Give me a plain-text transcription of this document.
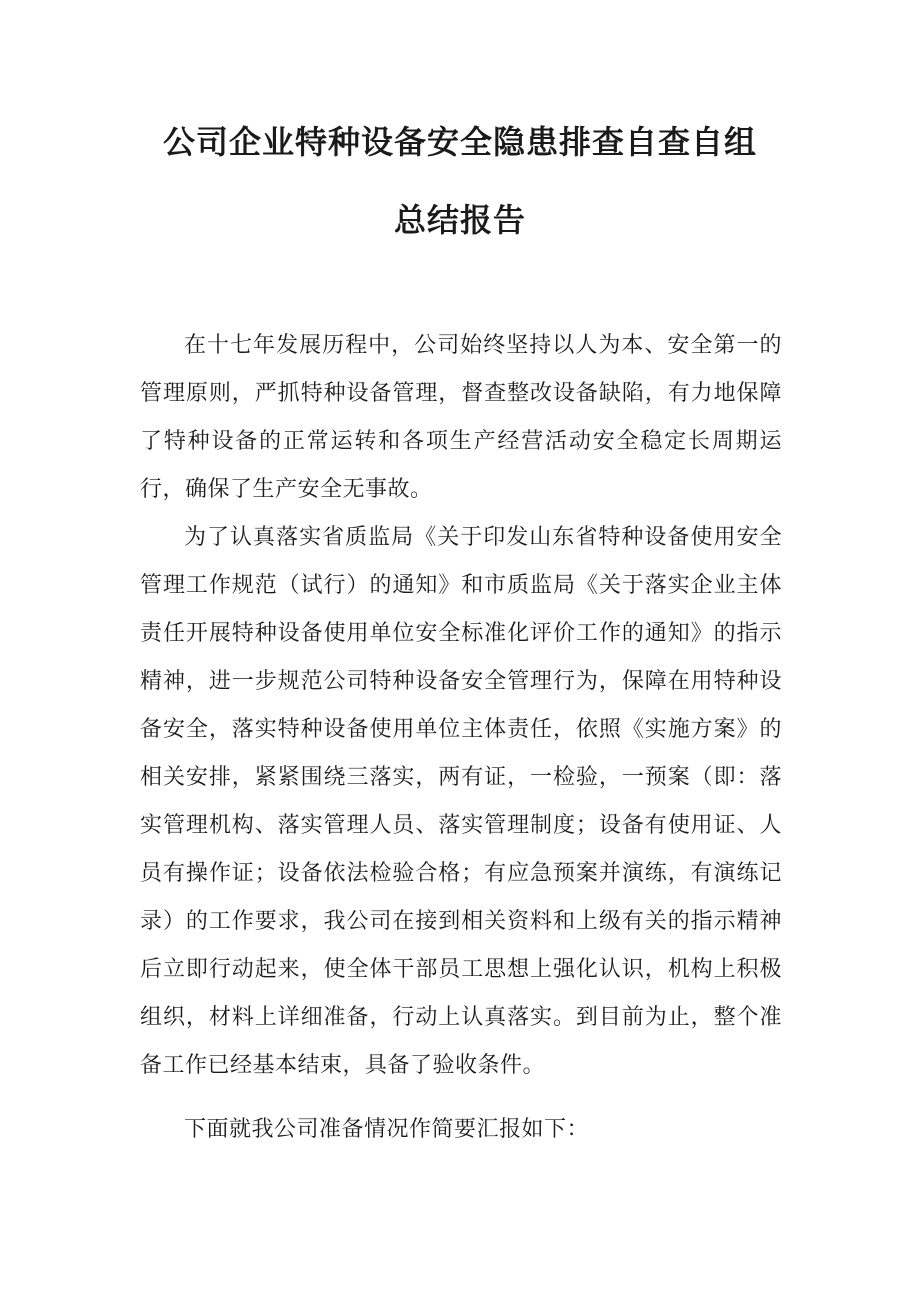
公司企业特种设备安全隐患排查自查自组
总结报告

在十七年发展历程中，公司始终坚持以人为本、安全第一的管理原则，严抓特种设备管理，督查整改设备缺陷，有力地保障了特种设备的正常运转和各项生产经营活动安全稳定长周期运行，确保了生产安全无事故。

为了认真落实省质监局《关于印发山东省特种设备使用安全管理工作规范（试行）的通知》和市质监局《关于落实企业主体责任开展特种设备使用单位安全标准化评价工作的通知》的指示精神，进一步规范公司特种设备安全管理行为，保障在用特种设备安全，落实特种设备使用单位主体责任，依照《实施方案》的相关安排，紧紧围绕三落实，两有证，一检验，一预案（即：落实管理机构、落实管理人员、落实管理制度；设备有使用证、人员有操作证；设备依法检验合格；有应急预案并演练，有演练记录）的工作要求，我公司在接到相关资料和上级有关的指示精神后立即行动起来，使全体干部员工思想上强化认识，机构上积极组织，材料上详细准备，行动上认真落实。到目前为止，整个准备工作已经基本结束，具备了验收条件。

下面就我公司准备情况作简要汇报如下：
